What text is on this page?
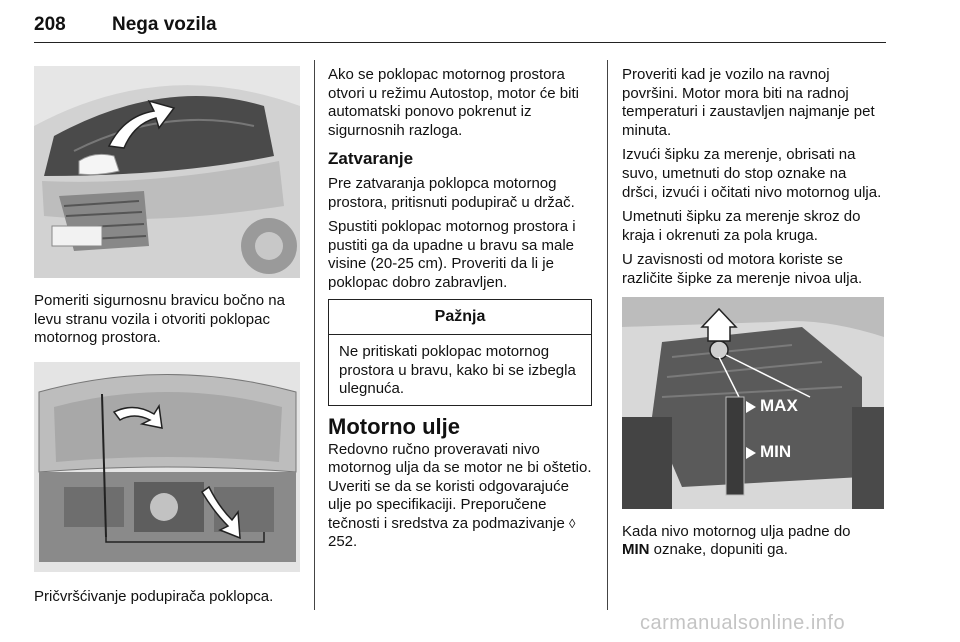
208 Nega vozila

Pomeriti sigurnosnu bravicu bočno na levu stranu vozila i otvoriti poklopac motornog prostora.

Pričvršćivanje podupirača poklopca.

Ako se poklopac motornog prostora otvori u režimu Autostop, motor će biti automatski ponovo pokrenut iz sigurnosnih razloga.

Zatvaranje

Pre zatvaranja poklopca motornog prostora, pritisnuti podupirač u držač.

Spustiti poklopac motornog prostora i pustiti ga da upadne u bravu sa male visine (20-25 cm). Proveriti da li je poklopac dobro zabravljen.

Pažnja
Ne pritiskati poklopac motornog prostora u bravu, kako bi se izbegla ulegnuća.
Motorno ulje

Redovno ručno proveravati nivo motornog ulja da se motor ne bi oštetio. Uveriti se da se koristi odgovarajuće ulje po specifikaciji. Preporučene tečnosti i sredstva za podmazivanje ◊ 252.

Proveriti kad je vozilo na ravnoj površini. Motor mora biti na radnoj temperaturi i zaustavljen najmanje pet minuta.

Izvući šipku za merenje, obrisati na suvo, umetnuti do stop oznake na dršci, izvući i očitati nivo motornog ulja.

Umetnuti šipku za merenje skroz do kraja i okrenuti za pola kruga.

U zavisnosti od motora koriste se različite šipke za merenje nivoa ulja.

MAX
MIN

Kada nivo motornog ulja padne do
MIN oznake, dopuniti ga.

carmanualsonline.info
